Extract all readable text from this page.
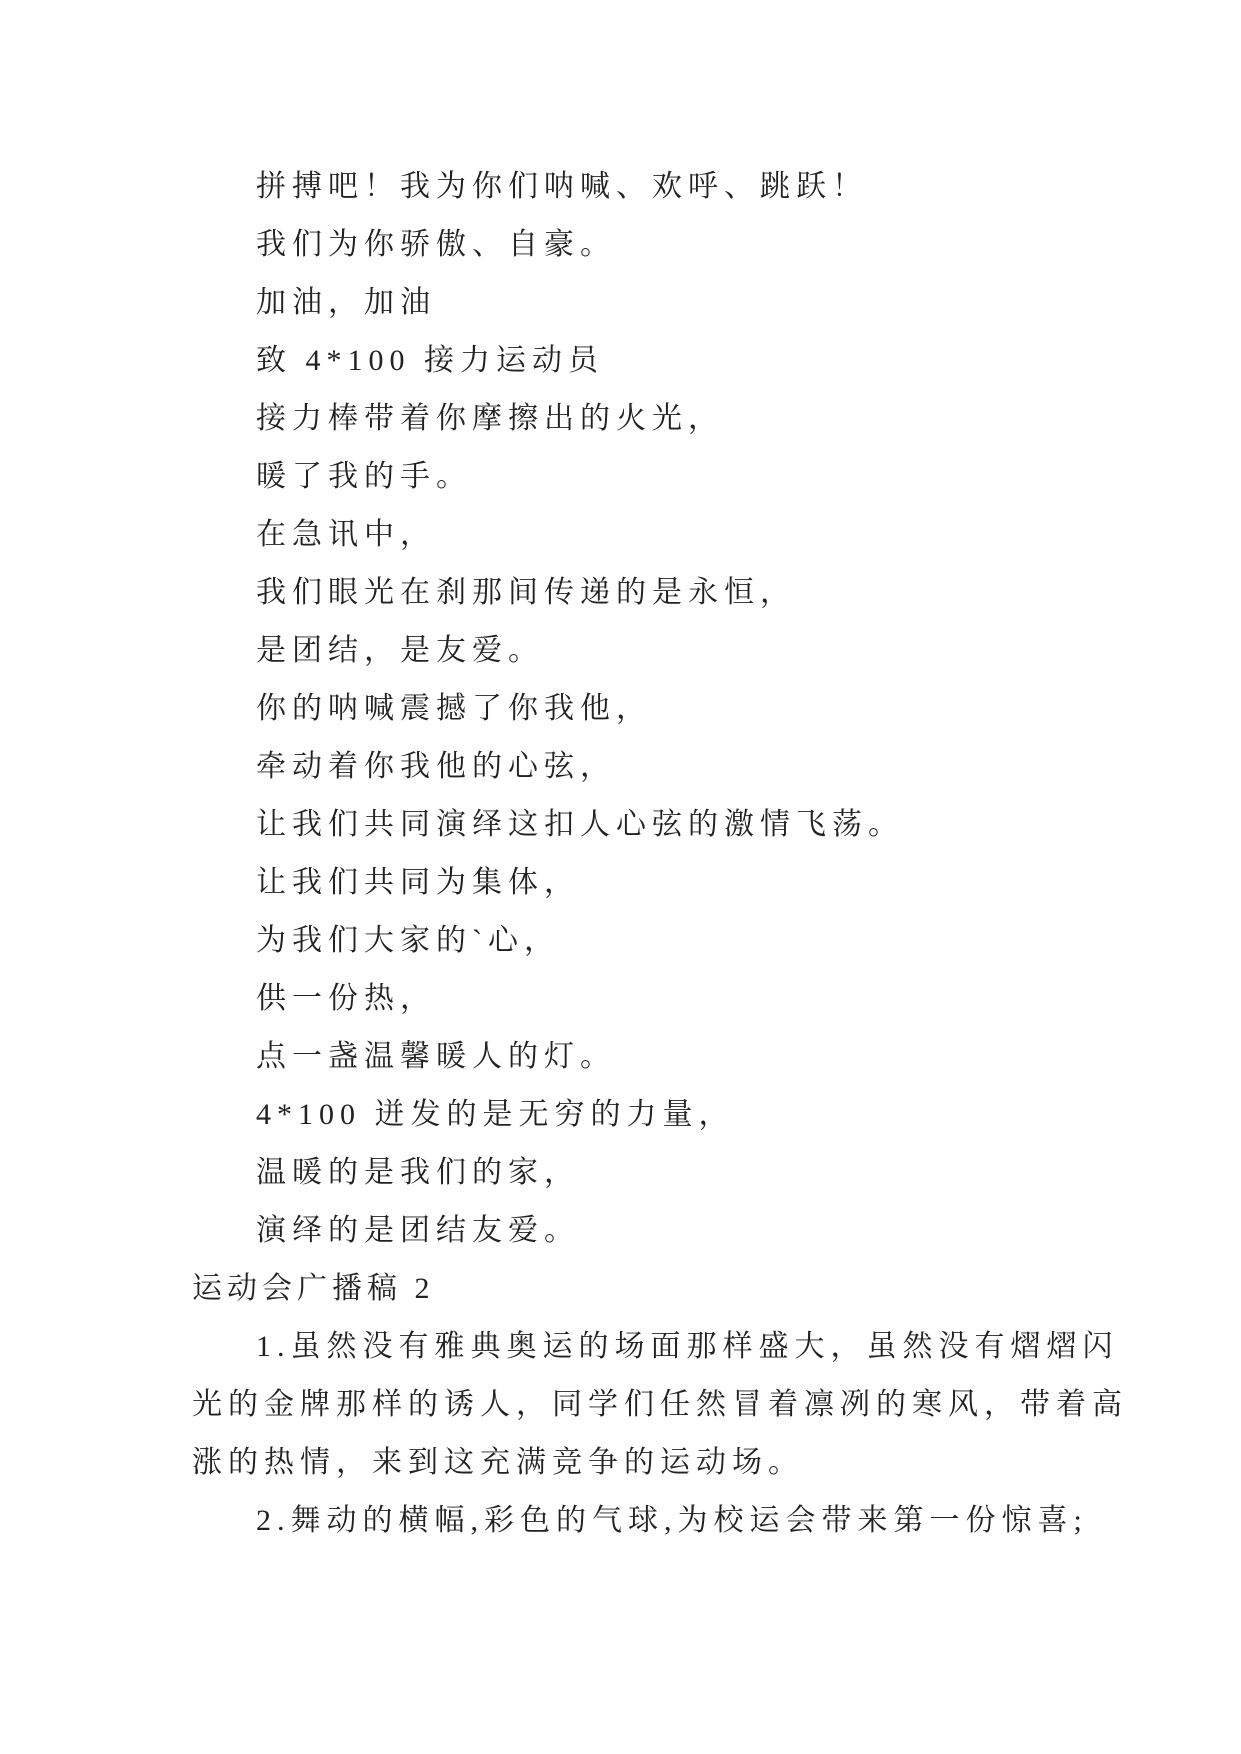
拼搏吧！我为你们呐喊、欢呼、跳跃！

我们为你骄傲、自豪。

加油，加油

致 4*100 接力运动员

接力棒带着你摩擦出的火光，

暖了我的手。

在急讯中，

我们眼光在刹那间传递的是永恒，

是团结，是友爱。

你的呐喊震撼了你我他，

牵动着你我他的心弦，

让我们共同演绎这扣人心弦的激情飞荡。

让我们共同为集体，

为我们大家的`心，

供一份热，

点一盏温馨暖人的灯。

4*100 迸发的是无穷的力量，

温暖的是我们的家，

演绎的是团结友爱。

运动会广播稿 2

1.虽然没有雅典奥运的场面那样盛大，虽然没有熠熠闪

光的金牌那样的诱人，同学们任然冒着凛冽的寒风，带着高

涨的热情，来到这充满竞争的运动场。

2.舞动的横幅,彩色的气球,为校运会带来第一份惊喜;
